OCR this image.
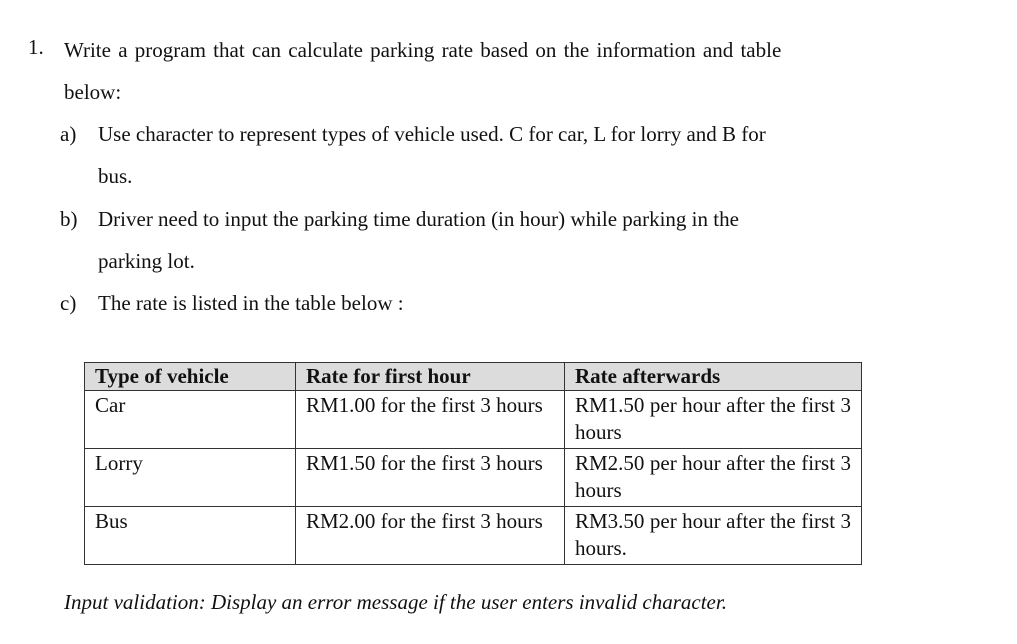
1. Write a program that can calculate parking rate based on the information and table
below:
a) Use character to represent types of vehicle used. C for car, L for lorry and B for
bus.
b) Driver need to input the parking time duration (in hour) while parking in the
parking lot.
c) The rate is listed in the table below :
Type of vehicle	Rate for first hour	Rate afterwards
Car	RM1.00 for the first 3 hours	RM1.50 per hour after the first 3 hours
Lorry	RM1.50 for the first 3 hours	RM2.50 per hour after the first 3 hours
Bus	RM2.00 for the first 3 hours	RM3.50 per hour after the first 3 hours.
Input validation: Display an error message if the user enters invalid character.
